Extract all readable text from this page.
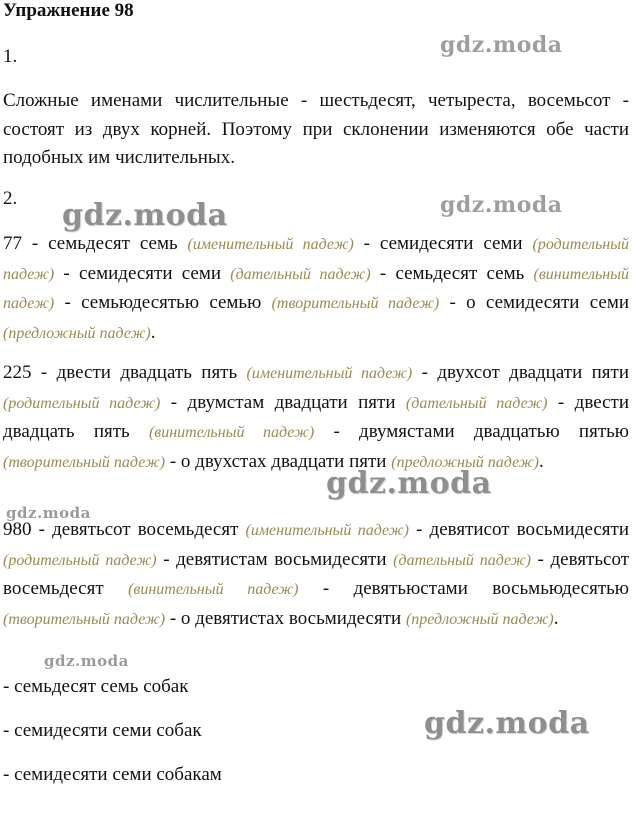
Упражнение 98
1.

Сложные именами числительные - шестьдесят, четыреста, восемьсот - состоят из двух корней. Поэтому при склонении изменяются обе части подобных им числительных.

2.

77 - семьдесят семь (именительный падеж) - семидесяти семи (родительный падеж) - семидесяти семи (дательный падеж) - семьдесят семь (винительный падеж) - семьюдесятью семью (творительный падеж) - о семидесяти семи (предложный падеж).

225 - двести двадцать пять (именительный падеж) - двухсот двадцати пяти (родительный падеж) - двумстам двадцати пяти (дательный падеж) - двести двадцать пять (винительный падеж) - двумястами двадцатью пятью (творительный падеж) - о двухстах двадцати пяти (предложный падеж).

980 - девятьсот восемьдесят (именительный падеж) - девятисот восьмидесяти (родительный падеж) - девятистам восьмидесяти (дательный падеж) - девятьсот восемьдесят (винительный падеж) - девятьюстами восьмьюдесятью (творительный падеж) - о девятистах восьмидесяти (предложный падеж).

- семьдесят семь собак
- семидесяти семи собак
- семидесяти семи собакам
gdz.moda
gdz.moda	gdz.moda
gdz.moda
gdz.moda
gdz.moda
gdz.moda
